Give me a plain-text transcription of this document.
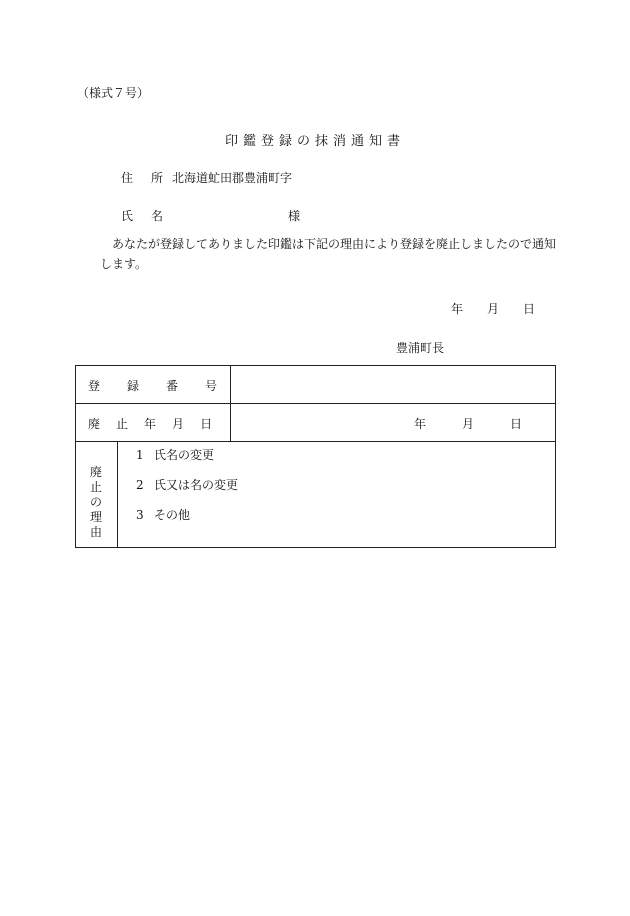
（様式７号）
印鑑登録の抹消通知書
住 所 北海道虻田郡豊浦町字
氏 名	様
あなたが登録してありました印鑑は下記の理由により登録を廃止しましたので通知します。
年 月 日
豊浦町長
登 録 番 号
廃 止 年 月 日	年	月	日
廃止の理由
1 氏名の変更
2 氏又は名の変更
3 その他
